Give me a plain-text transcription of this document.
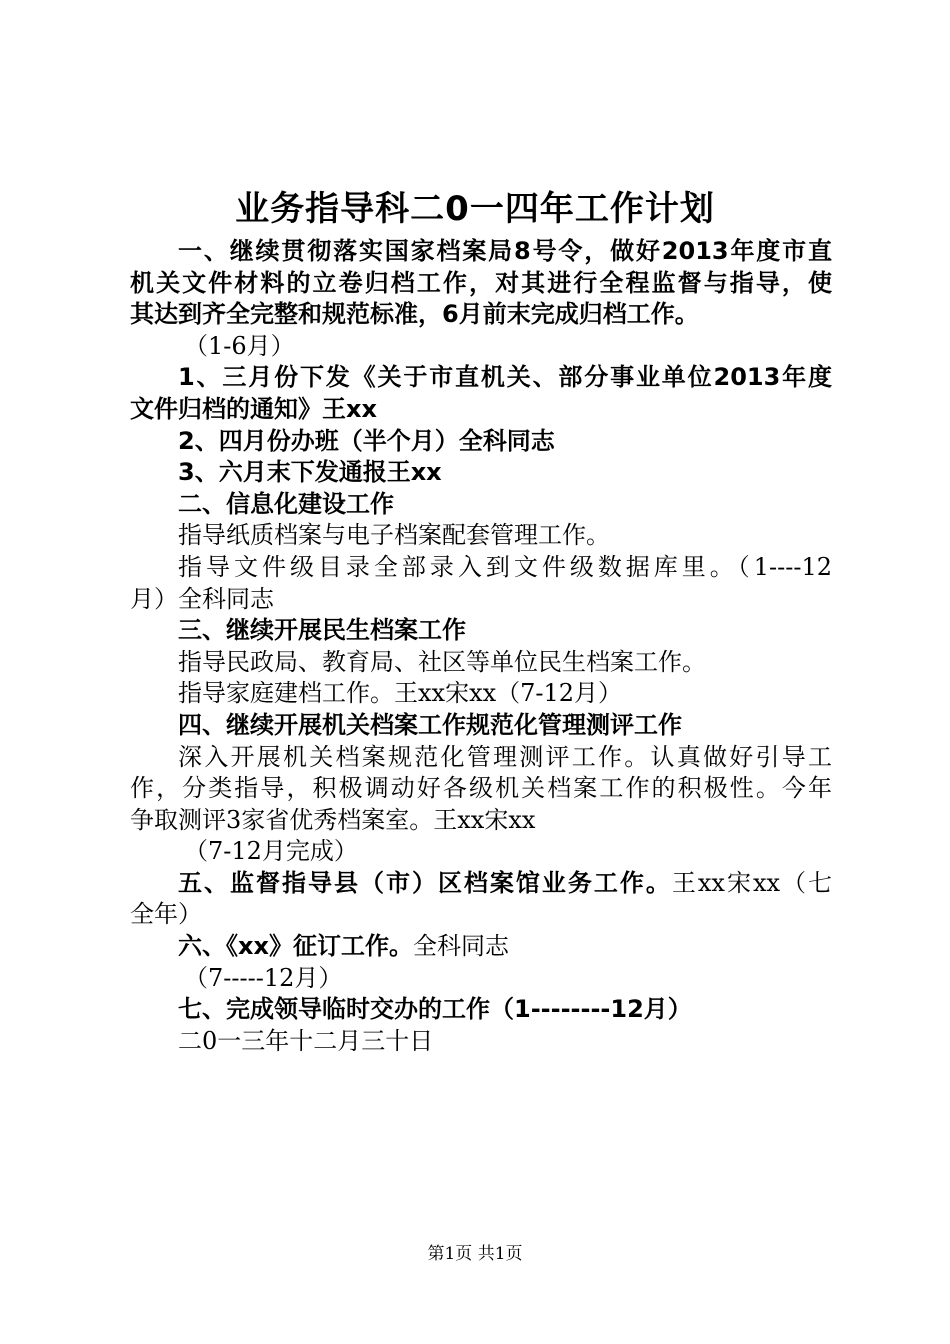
业务指导科二0一四年工作计划
一、继续贯彻落实国家档案局8号令，做好2013年度市直
机关文件材料的立卷归档工作，对其进行全程监督与指导，使
其达到齐全完整和规范标准，6月前末完成归档工作。
（1-6月）
1、三月份下发《关于市直机关、部分事业单位2013年度
文件归档的通知》王xx
2、四月份办班（半个月）全科同志
3、六月末下发通报王xx
二、信息化建设工作
指导纸质档案与电子档案配套管理工作。
指导文件级目录全部录入到文件级数据库里。（1----12
月）全科同志
三、继续开展民生档案工作
指导民政局、教育局、社区等单位民生档案工作。
指导家庭建档工作。王xx宋xx（7-12月）
四、继续开展机关档案工作规范化管理测评工作
深入开展机关档案规范化管理测评工作。认真做好引导工
作，分类指导，积极调动好各级机关档案工作的积极性。今年
争取测评3家省优秀档案室。王xx宋xx
（7-12月完成）
五、监督指导县（市）区档案馆业务工作。王xx宋xx（七
全年）
六、《xx》征订工作。全科同志
（7-----12月）
七、完成领导临时交办的工作（1--------12月）
二0一三年十二月三十日
第1页 共1页
